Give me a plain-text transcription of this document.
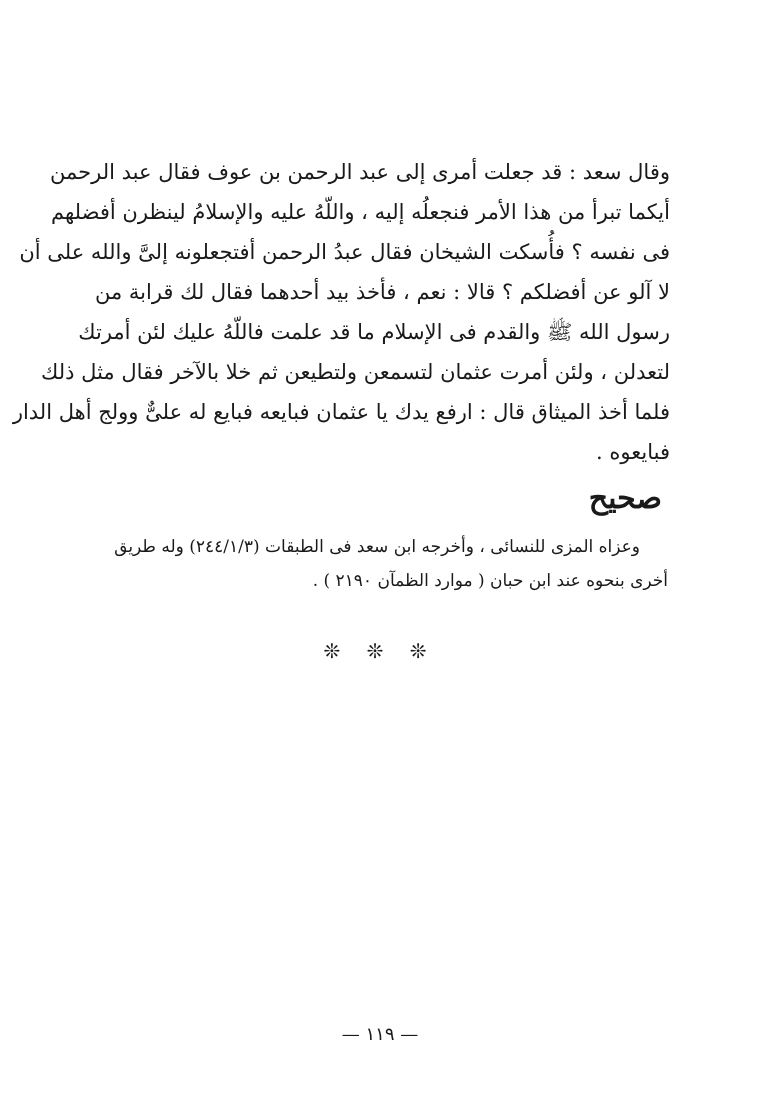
وقال سعد : قد جعلت أمرى إلى عبد الرحمن بن عوف فقال عبد الرحمن
أيكما تبرأ من هذا الأمر فنجعلُه إليه ، واللّهُ عليه والإسلامُ لينظرن أفضلهم
فى نفسه ؟ فأُسكت الشيخان فقال عبدُ الرحمن أفتجعلونه إلىَّ والله على أن
لا آلو عن أفضلكم ؟ قالا : نعم ، فأخذ بيد أحدهما فقال لك قرابة من
رسول الله ﷺ والقدم فى الإسلام ما قد علمت فاللّهُ عليك لئن أمرتك
لتعدلن ، ولئن أمرت عثمان لتسمعن ولتطيعن ثم خلا بالآخر فقال مثل ذلك
فلما أخذ الميثاق قال : ارفع يدك يا عثمان فبايعه فبايع له علىٌّ وولج أهل الدار
فبايعوه .
صحيح
وعزاه المزى للنسائى ، وأخرجه ابن سعد فى الطبقات (٢٤٤/١/٣) وله طريق
أخرى بنحوه عند ابن حبان ( موارد الظمآن ٢١٩٠ ) .
❊ ❊ ❊
— ١١٩ —
